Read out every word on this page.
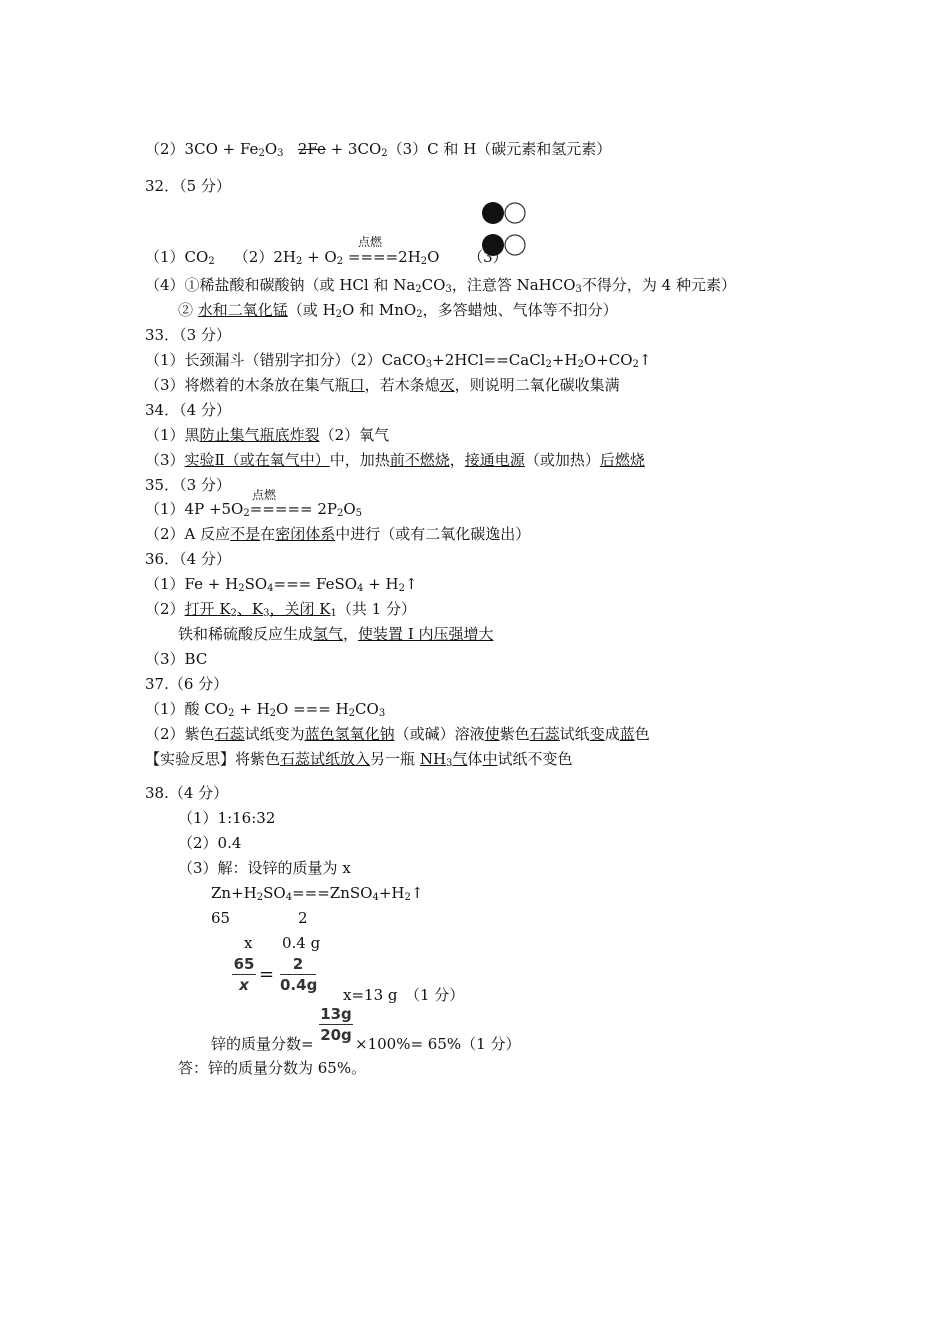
$(2)3CO + Fe_2O_3$ $2Fe + 3CO_2(3)C$ 和 H（碳元素和氢元素）
32．（5 分）
点燃
$(1)CO_2$ $(2)2H_2 + O_2 ====2H_2O$ （3）
（4）①稀盐酸和碳酸钠（或 HCl 和 $Na_2CO_3$，注意答 NaHCO$_3$不得分，为 4 种元素）
② 水和二氧化锰（或 $H_2O$ 和 MnO$_2$，多答蜡烛、气体等不扣分）
33．（3 分）
（1）长颈漏斗（错别字扣分）$(2)CaCO_3+2HCl==CaCl_2+H_2O+CO_2↑$
（3）将燃着的木条放在集气瓶口，若木条熄灭，则说明二氧化碳收集满
34．（4 分）
（1）黑防止集气瓶底炸裂（2）氧气
（3）实验Ⅱ（或在氧气中）中，加热前不燃烧，接通电源（或加热）后燃烧
35．（3 分）
点燃
$(1)4P +5O_2===== 2P_2O_5$
（2）A 反应不是在密闭体系中进行（或有二氧化碳逸出）
36．（4 分）
$(1)Fe + H_2SO_4===$ FeSO$_4$ + $H_2↑$
（2）打开 $K_2$、$K_3$，关闭 $K_1$（共 1 分）
铁和稀硫酸反应生成氢气，使装置 I 内压强增大
（3）BC
37.（6 分）
（1）酸 $CO_2 + H_2O$ === $H_2CO_3$
（2）紫色石蕊试纸变为蓝色氢氧化钠（或碱）溶液使紫色石蕊试纸变成蓝色
【实验反思】将紫色石蕊试纸放入另一瓶 $NH_3$气体中试纸不变色
38.（4 分）
（1）1:16:32
（2）0.4
（3）解：设锌的质量为 x
$Zn+H_2SO_4===ZnSO_4+H_2↑$
65	2
x 0.4 g
65
x =	2
0.4g
x=13 g　（1 分）
13g
20g
锌的质量分数=	×100%= 65%（1 分）
答：锌的质量分数为 65%。
